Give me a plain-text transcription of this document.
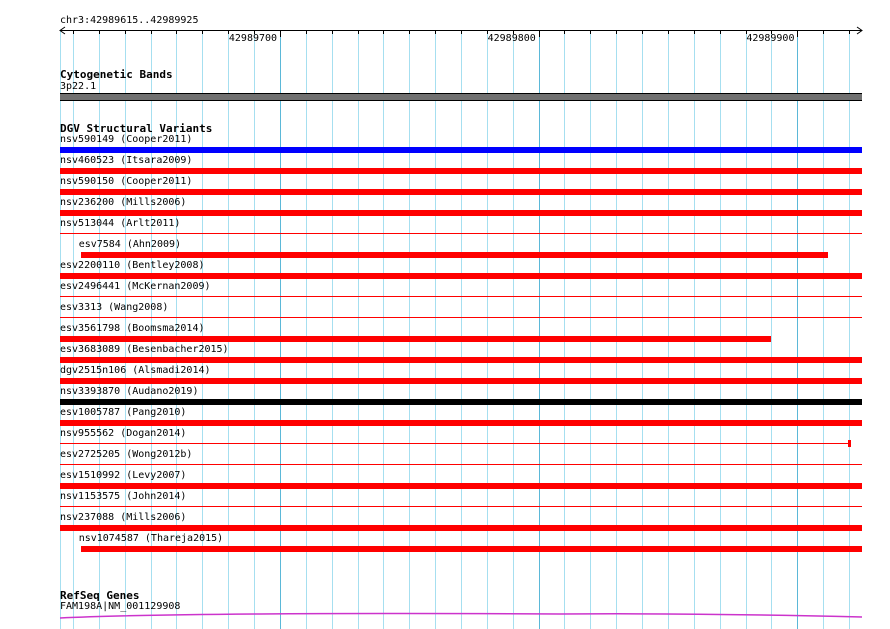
chr3:42989615..42989925
42989700	42989800	42989900
Cytogenetic Bands
3p22.1
DGV Structural Variants
nsv590149 (Cooper2011)
nsv460523 (Itsara2009)
nsv590150 (Cooper2011)
nsv236200 (Mills2006)
nsv513044 (Arlt2011)
esv7584 (Ahn2009)
esv2200110 (Bentley2008)
esv2496441 (McKernan2009)
esv3313 (Wang2008)
esv3561798 (Boomsma2014)
esv3683089 (Besenbacher2015)
dgv2515n106 (Alsmadi2014)
nsv3393870 (Audano2019)
esv1005787 (Pang2010)
nsv955562 (Dogan2014)
esv2725205 (Wong2012b)
esv1510992 (Levy2007)
nsv1153575 (John2014)
nsv237088 (Mills2006)
nsv1074587 (Thareja2015)
RefSeq Genes
FAM198A|NM_001129908
